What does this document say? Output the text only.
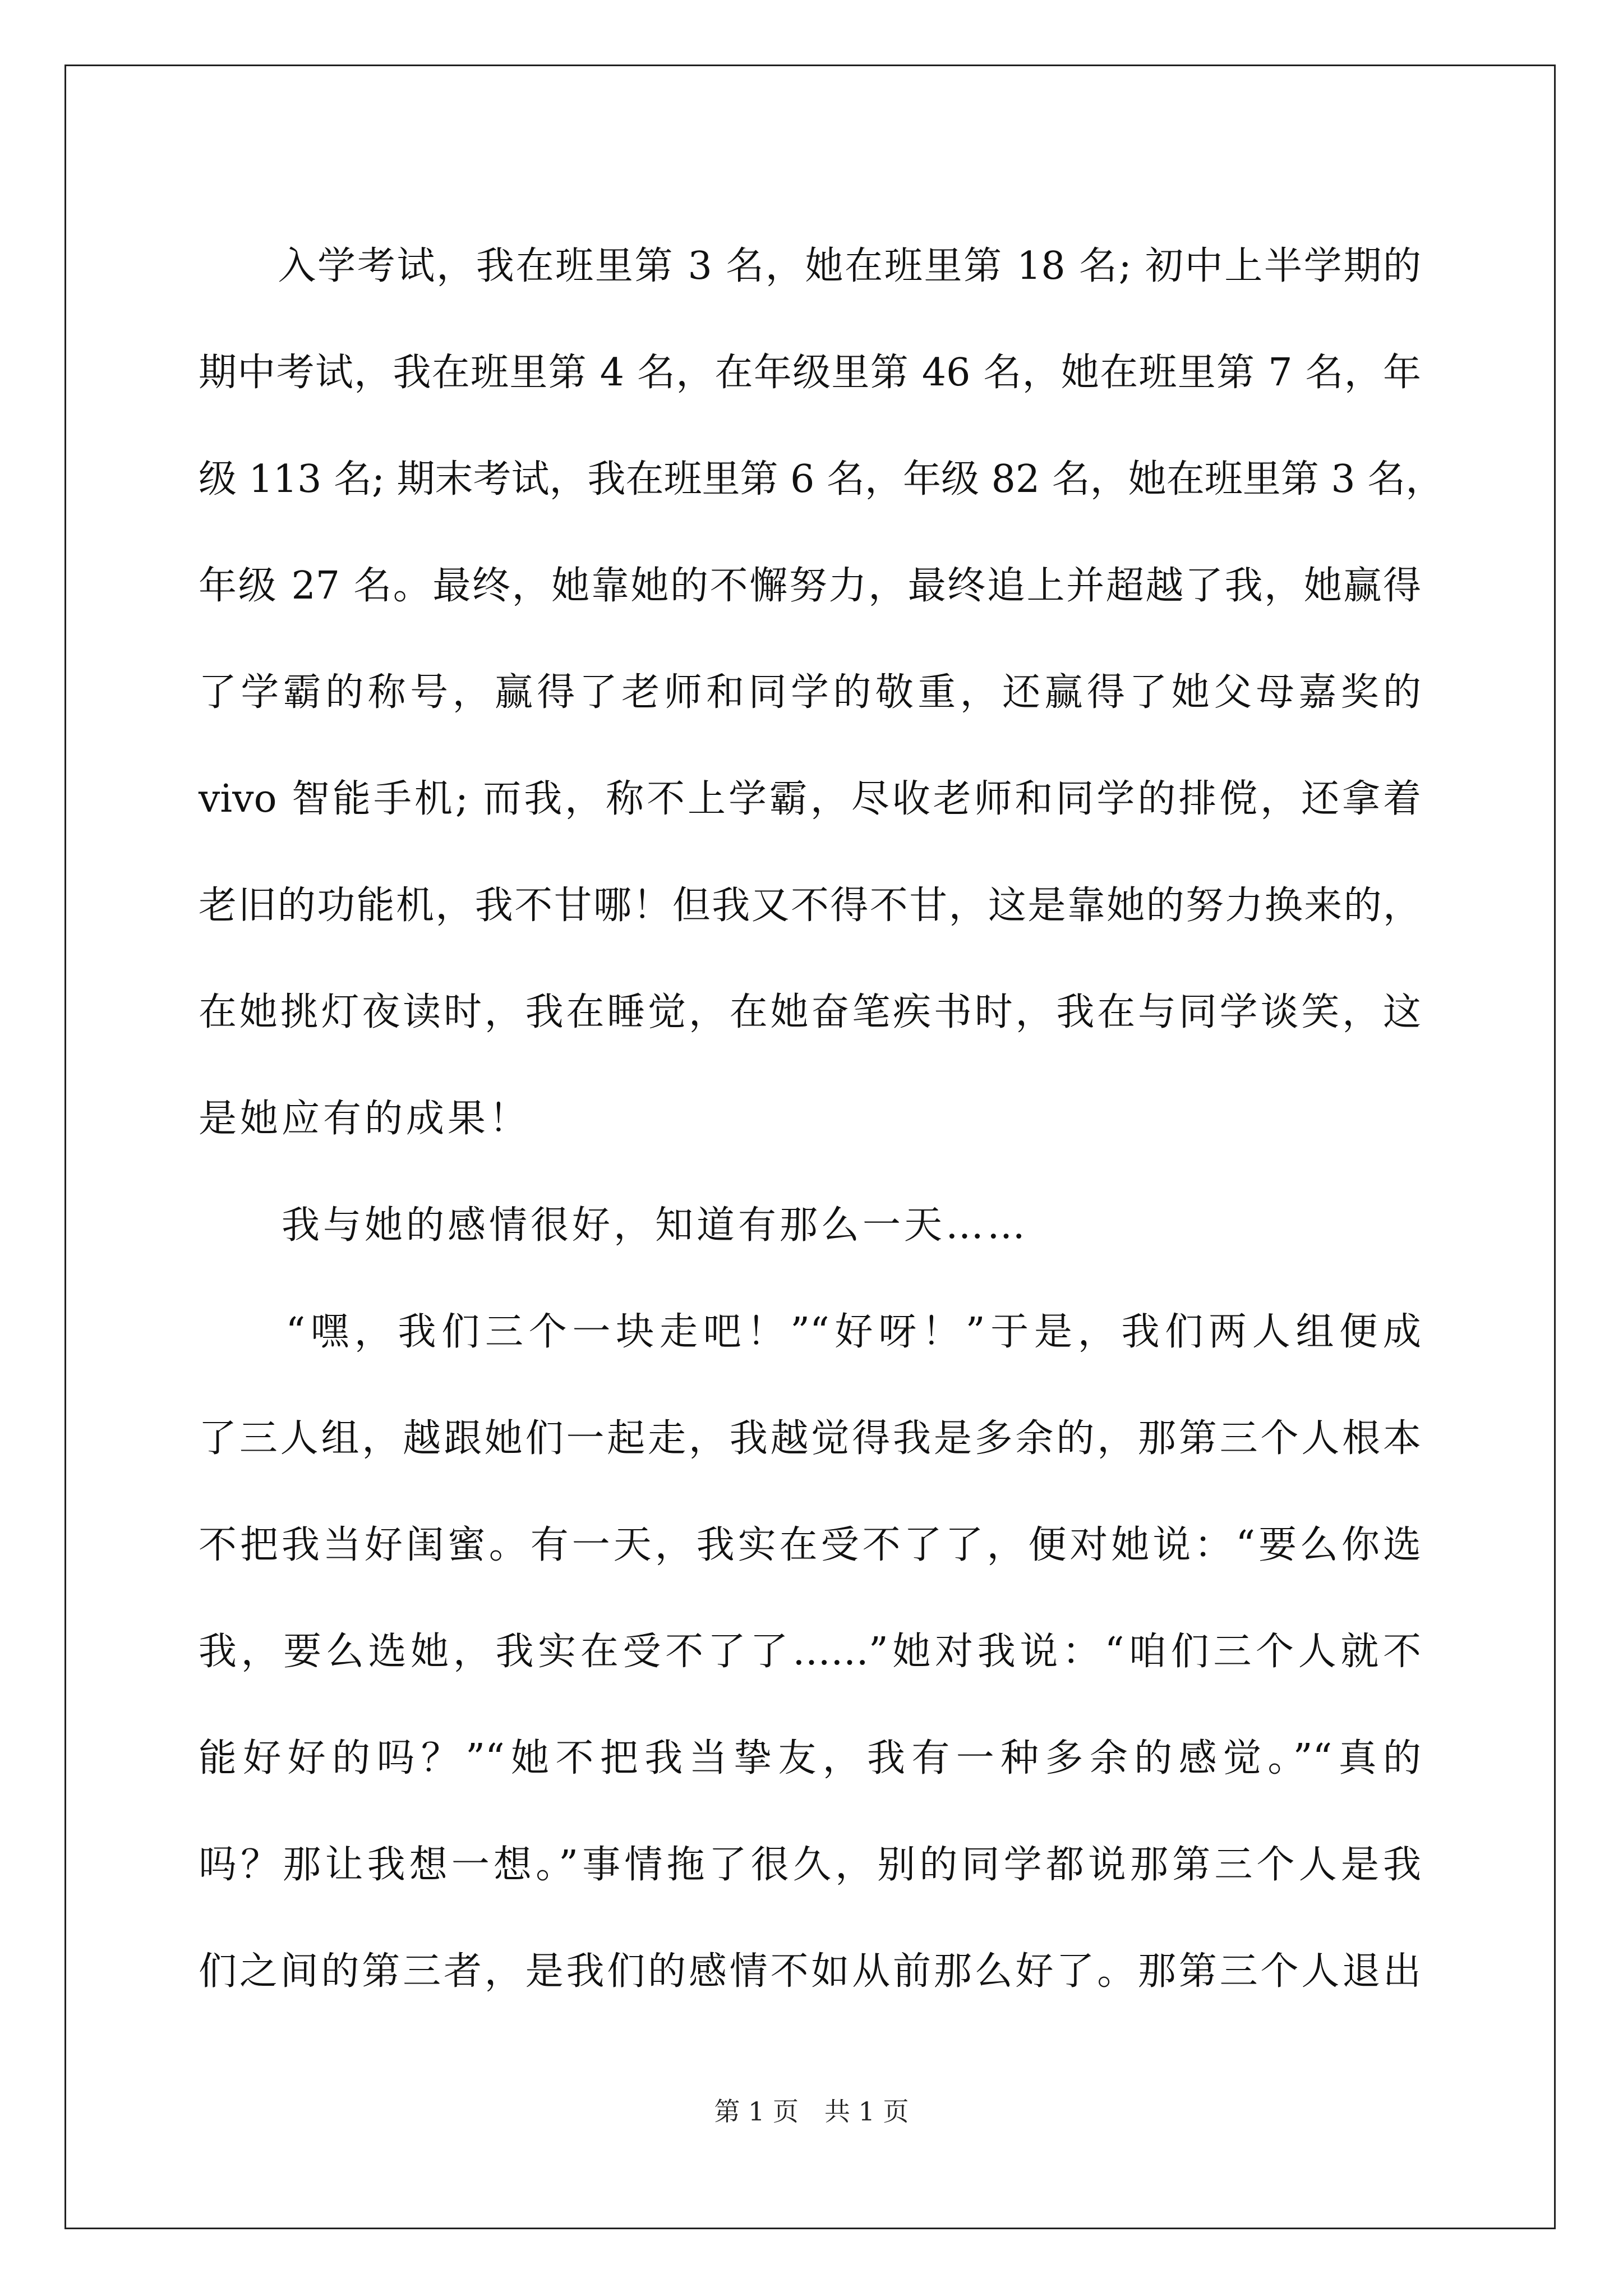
　　入学考试，我在班里第 3 名，她在班里第 18 名; 初中上半学期的
期中考试，我在班里第 4 名，在年级里第 46 名，她在班里第 7 名，年
级 113 名; 期末考试，我在班里第 6 名，年级 82 名，她在班里第 3 名，
年级 27 名。最终，她靠她的不懈努力，最终追上并超越了我，她赢得
了学霸的称号，赢得了老师和同学的敬重，还赢得了她父母嘉奖的
vivo 智能手机; 而我，称不上学霸，尽收老师和同学的排傥，还拿着
老旧的功能机，我不甘哪！但我又不得不甘，这是靠她的努力换来的，
在她挑灯夜读时，我在睡觉，在她奋笔疾书时，我在与同学谈笑，这
是她应有的成果！
　　我与她的感情很好，知道有那么一天……
　　“嘿，我们三个一块走吧！”“好呀！”于是，我们两人组便成
了三人组，越跟她们一起走，我越觉得我是多余的，那第三个人根本
不把我当好闺蜜。有一天，我实在受不了了，便对她说：“要么你选
我，要么选她，我实在受不了了……”她对我说：“咱们三个人就不
能好好的吗？”“她不把我当挚友，我有一种多余的感觉。”“真的
吗？那让我想一想。”事情拖了很久，别的同学都说那第三个人是我
们之间的第三者，是我们的感情不如从前那么好了。那第三个人退出
第 1 页　共 1 页
